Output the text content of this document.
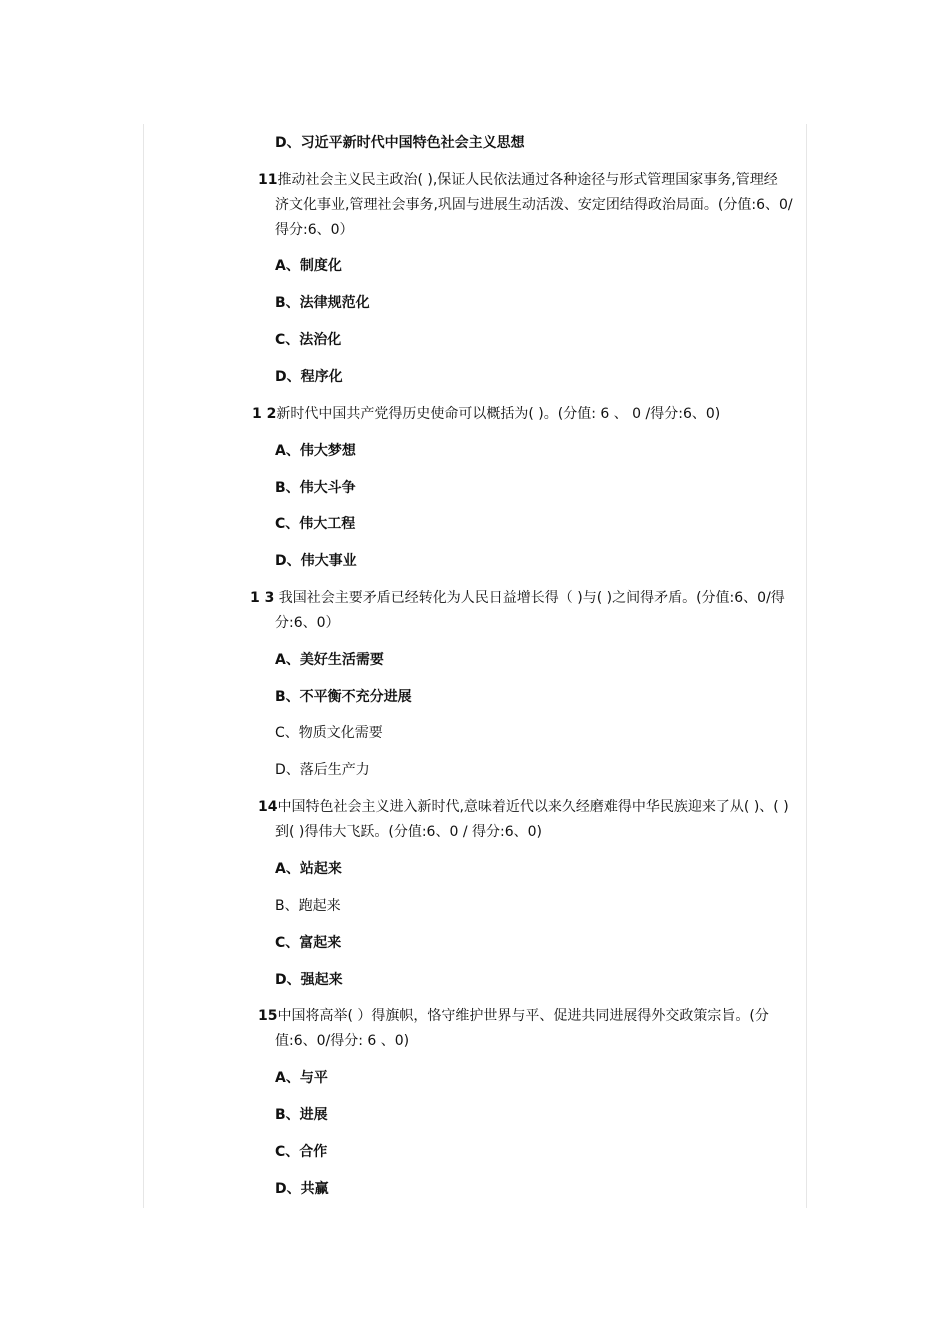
D、习近平新时代中国特色社会主义思想
11推动社会主义民主政治( ),保证人民依法通过各种途径与形式管理国家事务,管理经
济文化事业,管理社会事务,巩固与进展生动活泼、安定团结得政治局面。(分值:6、0/
得分:6、0）
A、制度化
B、法律规范化
C、法治化
D、程序化
1 2新时代中国共产党得历史使命可以概括为( )。(分值: 6 、 0 /得分:6、0)
A、伟大梦想
B、伟大斗争
C、伟大工程
D、伟大事业
1 3 我国社会主要矛盾已经转化为人民日益增长得（ )与( )之间得矛盾。(分值:6、0/得
分:6、0）
A、美好生活需要
B、不平衡不充分进展
C、物质文化需要
D、落后生产力
14中国特色社会主义进入新时代,意味着近代以来久经磨难得中华民族迎来了从( )、( )
到( )得伟大飞跃。(分值:6、0 / 得分:6、0)
A、站起来
B、跑起来
C、富起来
D、强起来
15中国将高举( ）得旗帜，恪守维护世界与平、促进共同进展得外交政策宗旨。(分
值:6、0/得分: 6 、0)
A、与平
B、进展
C、合作
D、共赢
